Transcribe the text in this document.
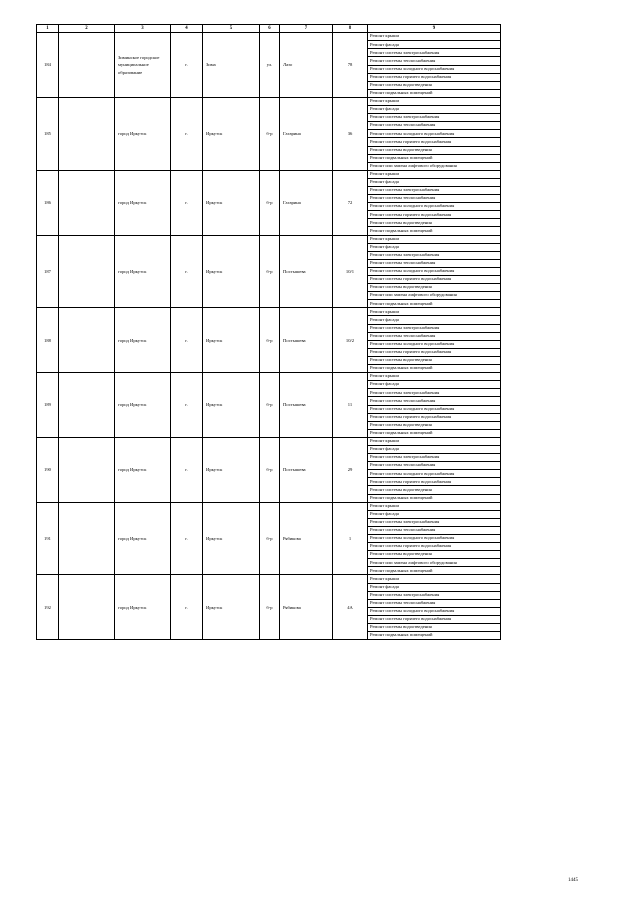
1	2	3	4	5	6	7	8	9
184		Зиминское городское муниципальное образование	г.	Зима	ул.	Лазо	78	Ремонт крыши
								Ремонт фасада
								Ремонт системы электроснабжения
								Ремонт системы теплоснабжения
								Ремонт системы холодного водоснабжения
								Ремонт системы горячего водоснабжения
								Ремонт системы водоотведения
								Ремонт подвальных помещений
185		город Иркутск	г.	Иркутск	б-р	Гагарина	36	Ремонт крыши
								Ремонт фасада
								Ремонт системы электроснабжения
								Ремонт системы теплоснабжения
								Ремонт системы холодного водоснабжения
								Ремонт системы горячего водоснабжения
								Ремонт системы водоотведения
								Ремонт подвальных помещений
								Ремонт или замена лифтового оборудования
186		город Иркутск	г.	Иркутск	б-р	Гагарина	72	Ремонт крыши
								Ремонт фасада
								Ремонт системы электроснабжения
								Ремонт системы теплоснабжения
								Ремонт системы холодного водоснабжения
								Ремонт системы горячего водоснабжения
								Ремонт системы водоотведения
								Ремонт подвальных помещений
187		город Иркутск	г.	Иркутск	б-р	Постышева	10/1	Ремонт крыши
								Ремонт фасада
								Ремонт системы электроснабжения
								Ремонт системы теплоснабжения
								Ремонт системы холодного водоснабжения
								Ремонт системы горячего водоснабжения
								Ремонт системы водоотведения
								Ремонт или замена лифтового оборудования
								Ремонт подвальных помещений
188		город Иркутск	г.	Иркутск	б-р	Постышева	10/2	Ремонт крыши
								Ремонт фасада
								Ремонт системы электроснабжения
								Ремонт системы теплоснабжения
								Ремонт системы холодного водоснабжения
								Ремонт системы горячего водоснабжения
								Ремонт системы водоотведения
								Ремонт подвальных помещений
189		город Иркутск	г.	Иркутск	б-р	Постышева	11	Ремонт крыши
								Ремонт фасада
								Ремонт системы электроснабжения
								Ремонт системы теплоснабжения
								Ремонт системы холодного водоснабжения
								Ремонт системы горячего водоснабжения
								Ремонт системы водоотведения
								Ремонт подвальных помещений
190		город Иркутск	г.	Иркутск	б-р	Постышева	29	Ремонт крыши
								Ремонт фасада
								Ремонт системы электроснабжения
								Ремонт системы теплоснабжения
								Ремонт системы холодного водоснабжения
								Ремонт системы горячего водоснабжения
								Ремонт системы водоотведения
								Ремонт подвальных помещений
191		город Иркутск	г.	Иркутск	б-р	Рябикова	1	Ремонт крыши
								Ремонт фасада
								Ремонт системы электроснабжения
								Ремонт системы теплоснабжения
								Ремонт системы холодного водоснабжения
								Ремонт системы горячего водоснабжения
								Ремонт системы водоотведения
								Ремонт или замена лифтового оборудования
								Ремонт подвальных помещений
192		город Иркутск	г.	Иркутск	б-р	Рябикова	4А	Ремонт крыши
								Ремонт фасада
								Ремонт системы электроснабжения
								Ремонт системы теплоснабжения
								Ремонт системы холодного водоснабжения
								Ремонт системы горячего водоснабжения
								Ремонт системы водоотведения
								Ремонт подвальных помещений
1445
